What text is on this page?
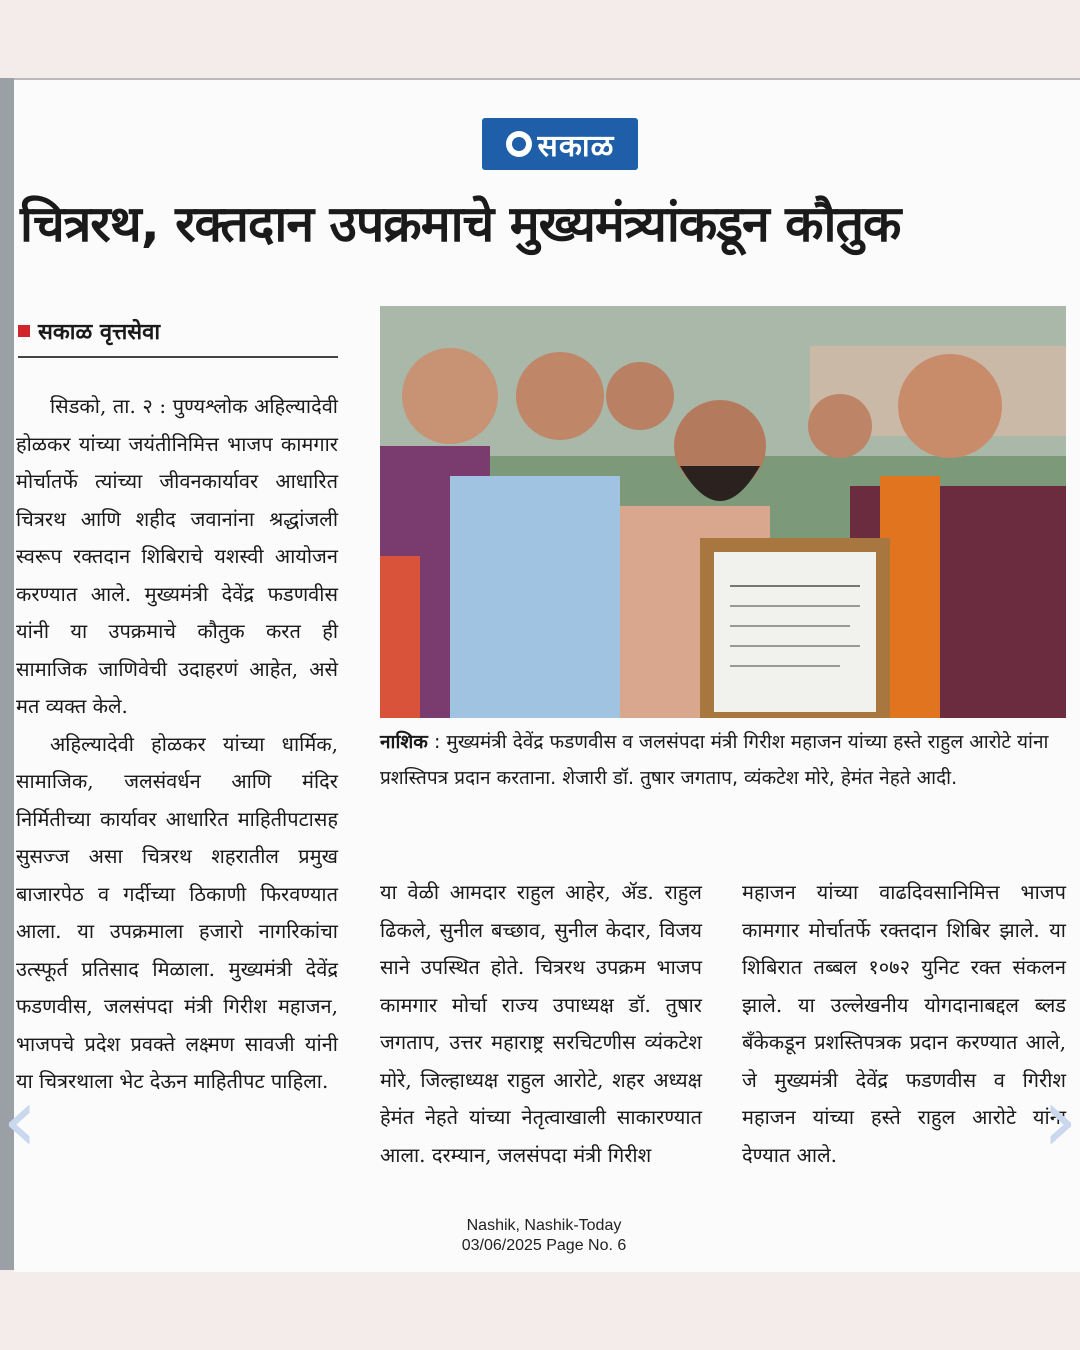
सकाळ
चित्ररथ, रक्तदान उपक्रमाचे मुख्यमंत्र्यांकडून कौतुक
सकाळ वृत्तसेवा

सिडको, ता. २ : पुण्यश्लोक अहिल्यादेवी होळकर यांच्या जयंतीनिमित्त भाजप कामगार मोर्चातर्फे त्यांच्या जीवनकार्यावर आधारित चित्ररथ आणि शहीद जवानांना श्रद्धांजली स्वरूप रक्तदान शिबिराचे यशस्वी आयोजन करण्यात आले. मुख्यमंत्री देवेंद्र फडणवीस यांनी या उपक्रमाचे कौतुक करत ही सामाजिक जाणिवेची उदाहरणं आहेत, असे मत व्यक्त केले.

अहिल्यादेवी होळकर यांच्या धार्मिक, सामाजिक, जलसंवर्धन आणि मंदिर निर्मितीच्या कार्यावर आधारित माहितीपटासह सुसज्ज असा चित्ररथ शहरातील प्रमुख बाजारपेठ व गर्दीच्या ठिकाणी फिरवण्यात आला. या उपक्रमाला हजारो नागरिकांचा उत्स्फूर्त प्रतिसाद मिळाला. मुख्यमंत्री देवेंद्र फडणवीस, जलसंपदा मंत्री गिरीश महाजन, भाजपचे प्रदेश प्रवक्ते लक्ष्मण सावजी यांनी या चित्ररथाला भेट देऊन माहितीपट पाहिला.

नाशिक : मुख्यमंत्री देवेंद्र फडणवीस व जलसंपदा मंत्री गिरीश महाजन यांच्या हस्ते राहुल आरोटे यांना प्रशस्तिपत्र प्रदान करताना. शेजारी डॉ. तुषार जगताप, व्यंकटेश मोरे, हेमंत नेहते आदी.

या वेळी आमदार राहुल आहेर, ॲड. राहुल ढिकले, सुनील बच्छाव, सुनील केदार, विजय साने उपस्थित होते. चित्ररथ उपक्रम भाजप कामगार मोर्चा राज्य उपाध्यक्ष डॉ. तुषार जगताप, उत्तर महाराष्ट्र सरचिटणीस व्यंकटेश मोरे, जिल्हाध्यक्ष राहुल आरोटे, शहर अध्यक्ष हेमंत नेहते यांच्या नेतृत्वाखाली साकारण्यात आला. दरम्यान, जलसंपदा मंत्री गिरीश

महाजन यांच्या वाढदिवसानिमित्त भाजप कामगार मोर्चातर्फे रक्तदान शिबिर झाले. या शिबिरात तब्बल १०७२ युनिट रक्त संकलन झाले. या उल्लेखनीय योगदानाबद्दल ब्लड बँकेकडून प्रशस्तिपत्रक प्रदान करण्यात आले, जे मुख्यमंत्री देवेंद्र फडणवीस व गिरीश महाजन यांच्या हस्ते राहुल आरोटे यांना देण्यात आले.

Nashik, Nashik-Today
03/06/2025 Page No. 6
‹	›
